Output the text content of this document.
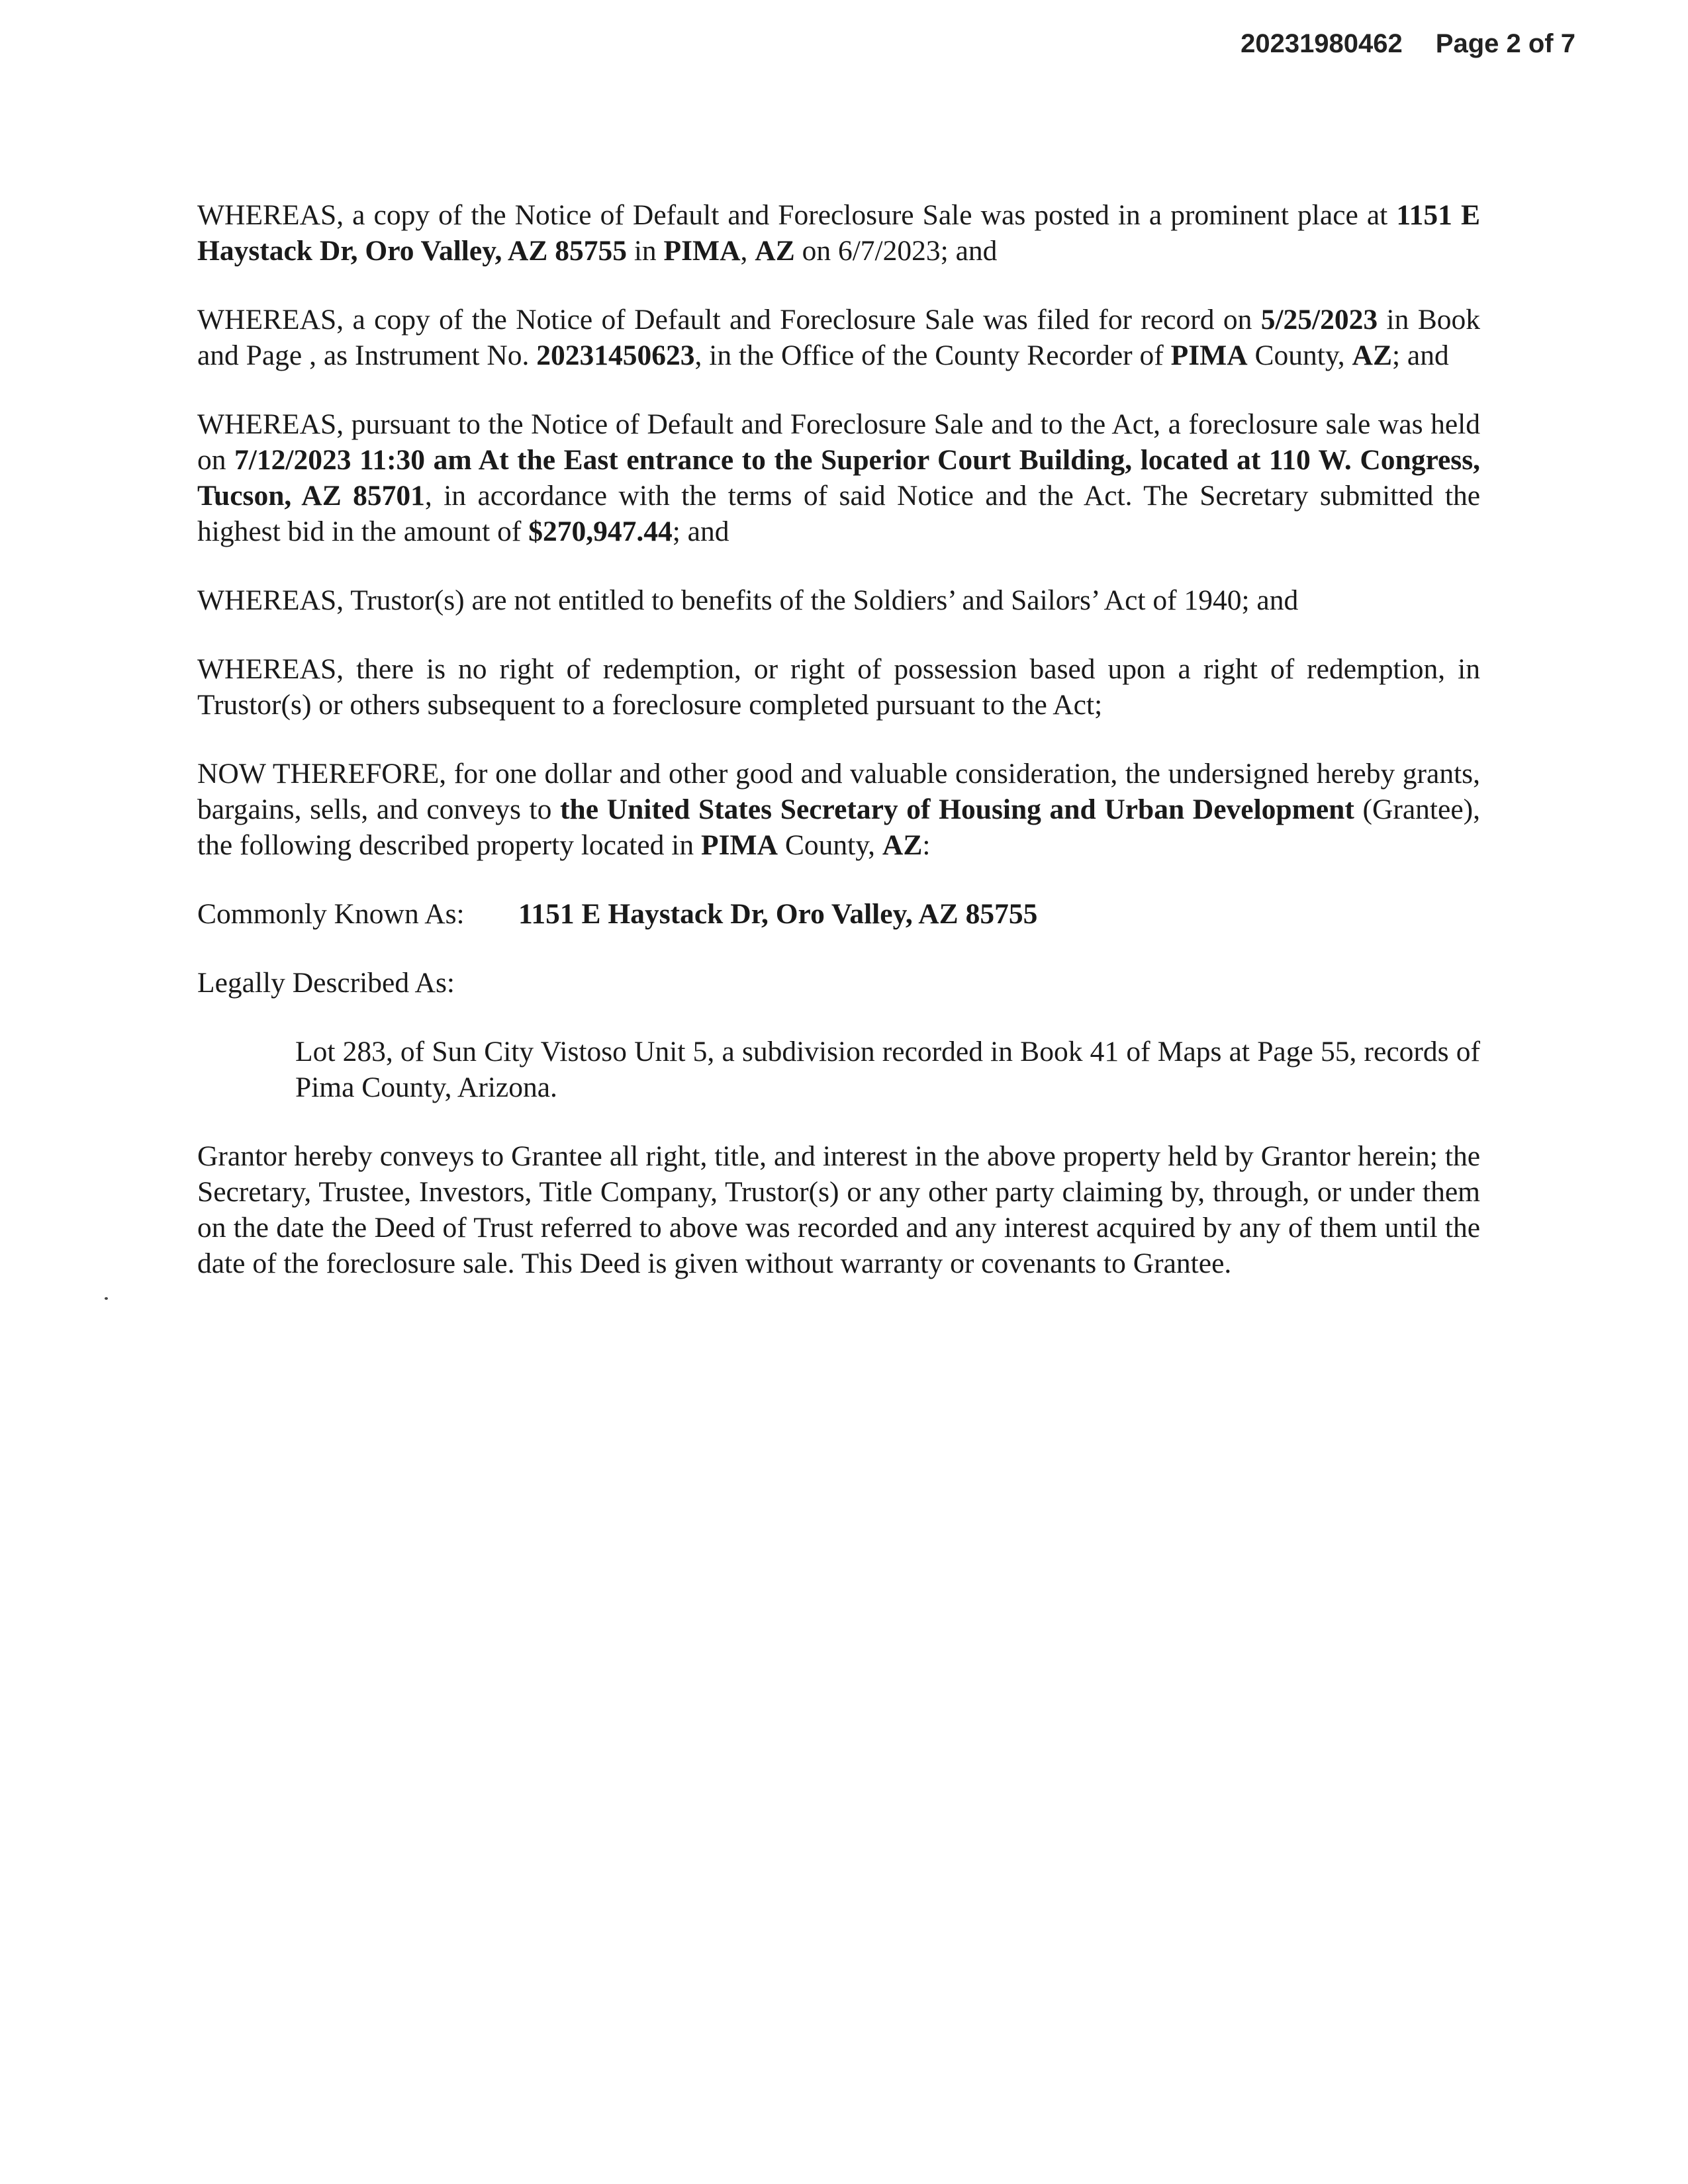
20231980462 Page 2 of 7

WHEREAS, a copy of the Notice of Default and Foreclosure Sale was posted in a prominent place at 1151 E Haystack Dr, Oro Valley, AZ 85755 in PIMA, AZ on 6/7/2023; and

WHEREAS, a copy of the Notice of Default and Foreclosure Sale was filed for record on 5/25/2023 in Book and Page , as Instrument No. 20231450623, in the Office of the County Recorder of PIMA County, AZ; and

WHEREAS, pursuant to the Notice of Default and Foreclosure Sale and to the Act, a foreclosure sale was held on 7/12/2023 11:30 am At the East entrance to the Superior Court Building, located at 110 W. Congress, Tucson, AZ 85701, in accordance with the terms of said Notice and the Act. The Secretary submitted the highest bid in the amount of $270,947.44; and

WHEREAS, Trustor(s) are not entitled to benefits of the Soldiers’ and Sailors’ Act of 1940; and

WHEREAS, there is no right of redemption, or right of possession based upon a right of redemption, in Trustor(s) or others subsequent to a foreclosure completed pursuant to the Act;

NOW THEREFORE, for one dollar and other good and valuable consideration, the undersigned hereby grants, bargains, sells, and conveys to the United States Secretary of Housing and Urban Development (Grantee), the following described property located in PIMA County, AZ:

Commonly Known As: 1151 E Haystack Dr, Oro Valley, AZ 85755

Legally Described As:

Lot 283, of Sun City Vistoso Unit 5, a subdivision recorded in Book 41 of Maps at Page 55, records of Pima County, Arizona.

Grantor hereby conveys to Grantee all right, title, and interest in the above property held by Grantor herein; the Secretary, Trustee, Investors, Title Company, Trustor(s) or any other party claiming by, through, or under them on the date the Deed of Trust referred to above was recorded and any interest acquired by any of them until the date of the foreclosure sale. This Deed is given without warranty or covenants to Grantee.
